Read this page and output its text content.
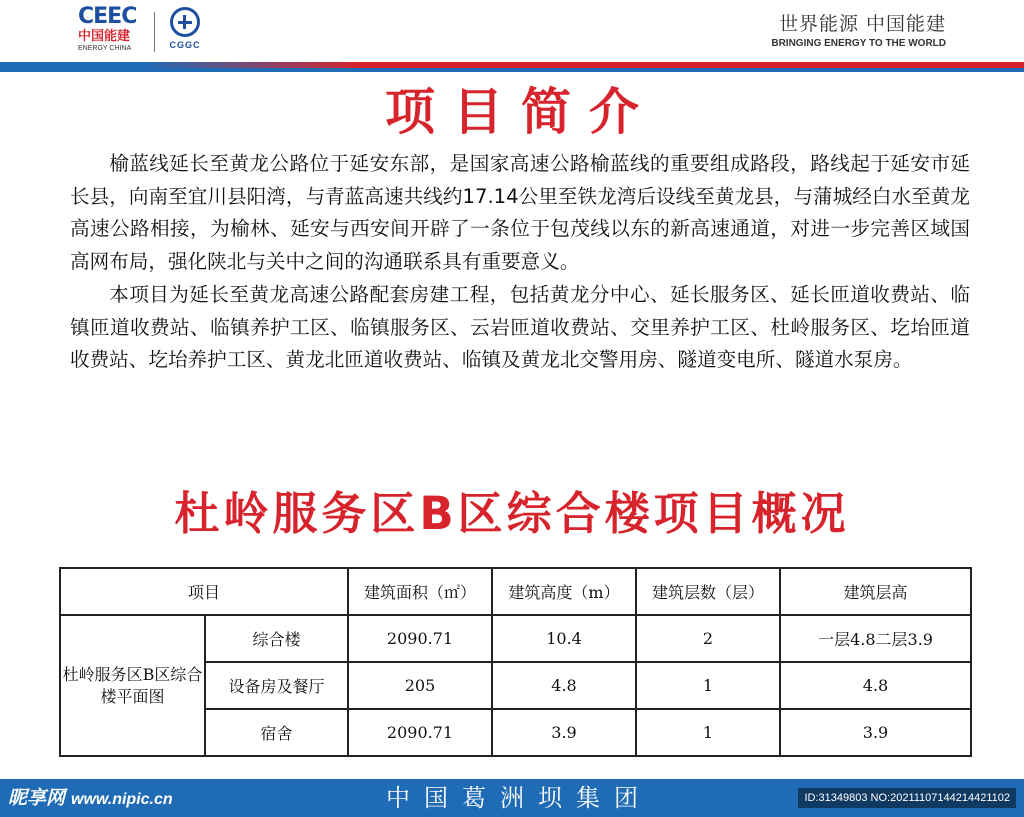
CEEC
中国能建
ENERGY CHINA	CGGC
世界能源 中国能建
BRINGING ENERGY TO THE WORLD
项目简介

榆蓝线延长至黄龙公路位于延安东部，是国家高速公路榆蓝线的重要组成路段，路线起于延安市延长县，向南至宜川县阳湾，与青蓝高速共线约17.14公里至铁龙湾后设线至黄龙县，与蒲城经白水至黄龙高速公路相接，为榆林、延安与西安间开辟了一条位于包茂线以东的新高速通道，对进一步完善区域国高网布局，强化陕北与关中之间的沟通联系具有重要意义。

本项目为延长至黄龙高速公路配套房建工程，包括黄龙分中心、延长服务区、延长匝道收费站、临镇匝道收费站、临镇养护工区、临镇服务区、云岩匝道收费站、交里养护工区、杜岭服务区、圪坮匝道收费站、圪坮养护工区、黄龙北匝道收费站、临镇及黄龙北交警用房、隧道变电所、隧道水泵房。

杜岭服务区B区综合楼项目概况
项目		建筑面积（㎡）	建筑高度（m）	建筑层数（层）	建筑层高
杜岭服务区B区综合楼平面图	综合楼	2090.71	10.4	2	一层4.8二层3.9
	设备房及餐厅	205	4.8	1	4.8
	宿舍	2090.71	3.9	1	3.9
昵享网 www.nipic.cn	中国葛洲坝集团	ID:31349803 NO:20211107144214421102
